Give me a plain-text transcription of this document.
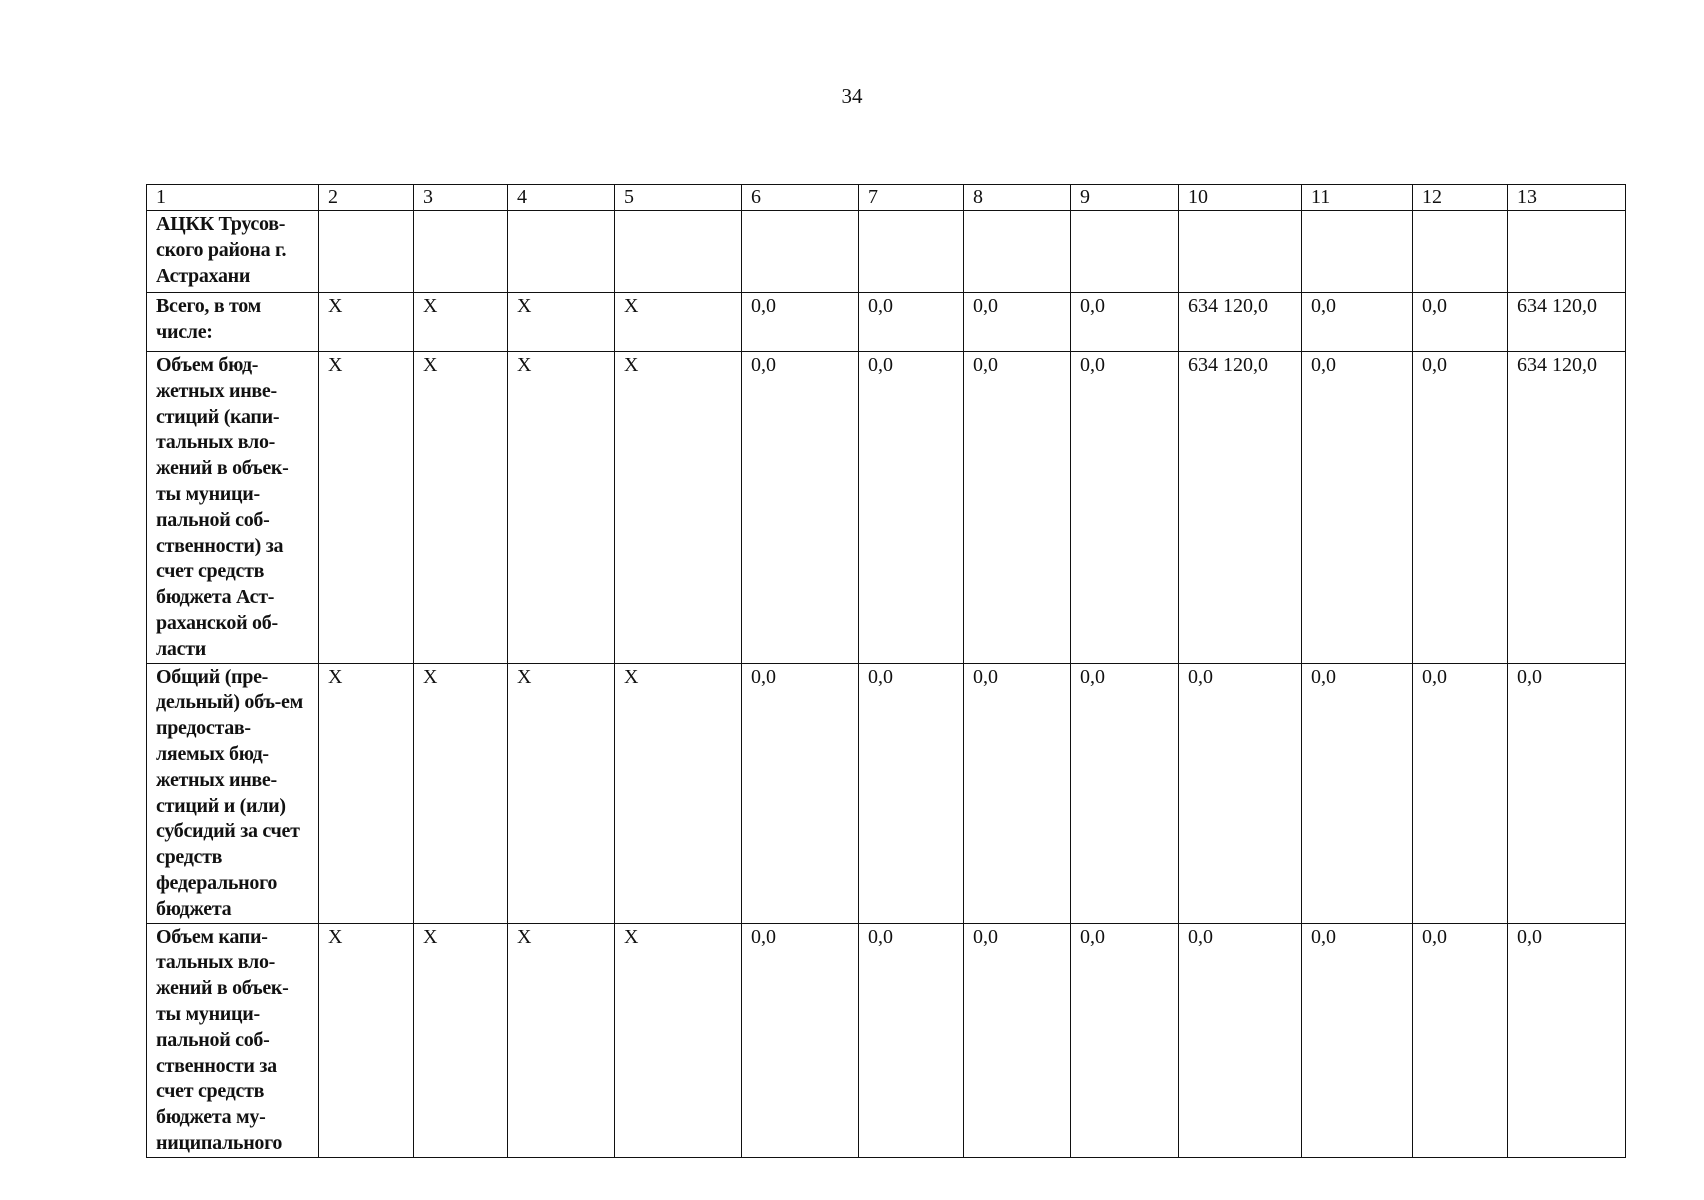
34
1	2	3	4	5	6	7	8	9	10	11	12	13
АЦКК Трусов-ского района г. Астрахани												
Всего, в том числе:	X	X	X	X	0,0	0,0	0,0	0,0	634 120,0	0,0	0,0	634 120,0
Объем бюд-жетных инве-стиций (капи-тальных вло-жений в объек-ты муници-пальной соб-ственности) за счет средств бюджета Аст-раханской об-ласти	X	X	X	X	0,0	0,0	0,0	0,0	634 120,0	0,0	0,0	634 120,0
Общий (пре-дельный) объ-ем предостав-ляемых бюд-жетных инве-стиций и (или) субсидий за счет средств федерального бюджета	X	X	X	X	0,0	0,0	0,0	0,0	0,0	0,0	0,0	0,0
Объем капи-тальных вло-жений в объек-ты муници-пальной соб-ственности за счет средств бюджета му-ниципального	X	X	X	X	0,0	0,0	0,0	0,0	0,0	0,0	0,0	0,0
